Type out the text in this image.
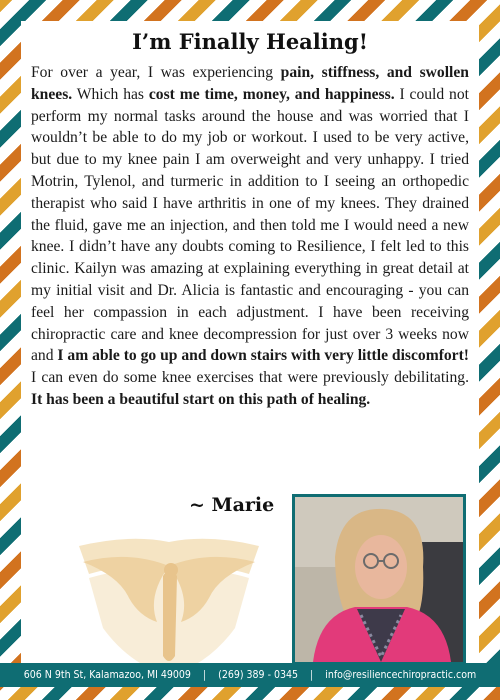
I’m Finally Healing!

For over a year, I was experiencing pain, stiffness, and swollen knees. Which has cost me time, money, and happiness. I could not perform my normal tasks around the house and was worried that I wouldn’t be able to do my job or workout. I used to be very active, but due to my knee pain I am overweight and very unhappy. I tried Motrin, Tylenol, and turmeric in addition to I seeing an orthopedic therapist who said I have arthritis in one of my knees. They drained the fluid, gave me an injection, and then told me I would need a new knee. I didn’t have any doubts coming to Resilience, I felt led to this clinic. Kailyn was amazing at explaining everything in great detail at my initial visit and Dr. Alicia is fantastic and encouraging - you can feel her compassion in each adjustment. I have been receiving chiropractic care and knee decompression for just over 3 weeks now and I am able to go up and down stairs with very little discomfort! I can even do some knee exercises that were previously debilitating. It has been a beautiful start on this path of healing.

~ Marie

606 N 9th St, Kalamazoo, MI 49009 | (269) 389 - 0345 | info@resiliencechiropractic.com
